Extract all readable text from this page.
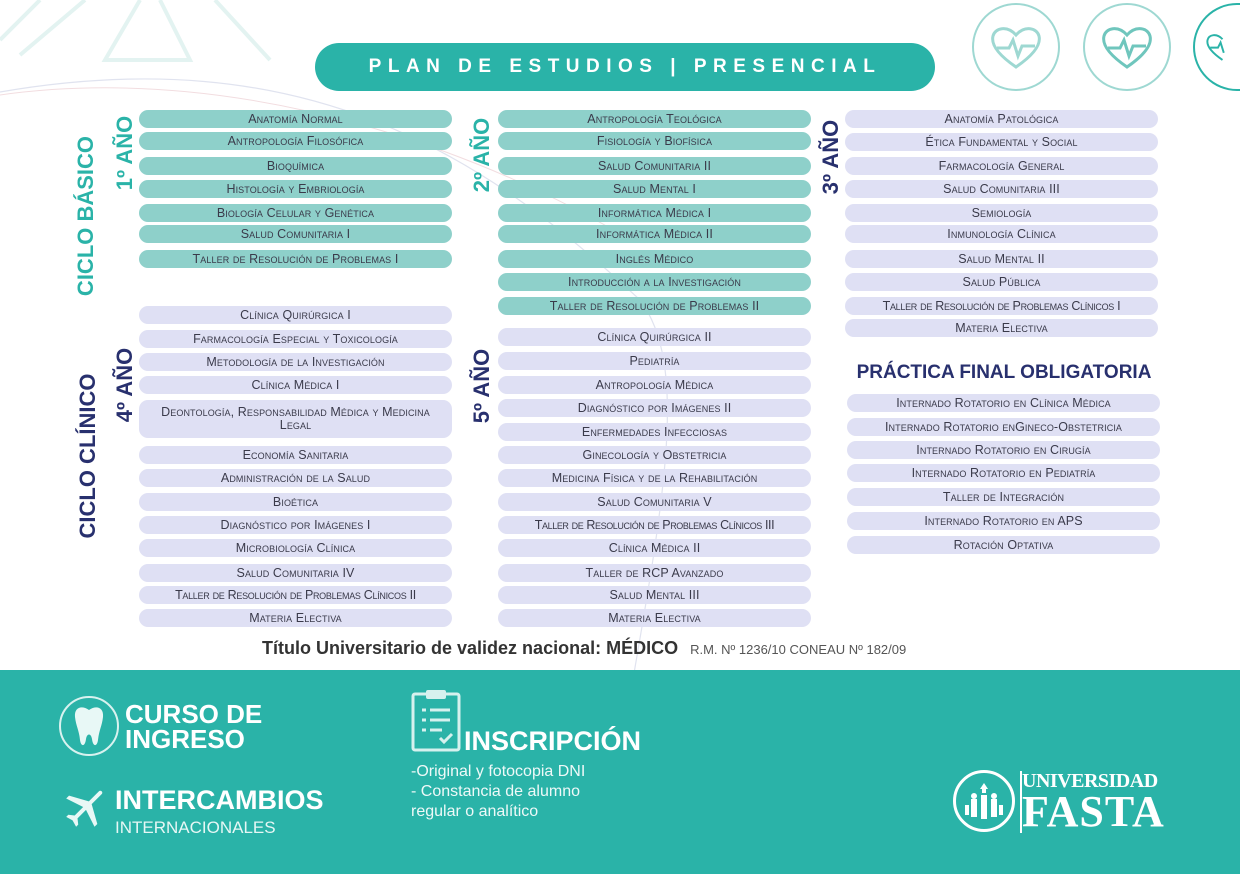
PLAN DE ESTUDIOS | PRESENCIAL
CICLO BÁSICO
CICLO CLÍNICO
1º AÑO	2º AÑO	3º AÑO
4º AÑO	5º AÑO
Anatomía Normal
Antropología Filosófica
Bioquímica
Histología y Embriología
Biología Celular y Genética
Salud Comunitaria I
Taller de Resolución de Problemas I
Antropología Teológica
Fisiología y Biofísica
Salud Comunitaria II
Salud Mental I
Informática Médica I
Informática Médica II
Inglés Médico
Introducción a la Investigación
Taller de Resolución de Problemas II
Anatomía Patológica
Ética Fundamental y Social
Farmacología General
Salud Comunitaria III
Semiología
Inmunología Clínica
Salud Mental II
Salud Pública
Taller de Resolución de Problemas Clínicos I
Materia Electiva
Clínica Quirúrgica I
Farmacología Especial y Toxicología
Metodología de la Investigación
Clínica Médica I
Deontología, Responsabilidad Médica y Medicina Legal
Economía Sanitaria
Administración de la Salud
Bioética
Diagnóstico por Imágenes I
Microbiología Clínica
Salud Comunitaria IV
Taller de Resolución de Problemas Clínicos II
Materia Electiva
Clínica Quirúrgica II
Pediatría
Antropología Médica
Diagnóstico por Imágenes II
Enfermedades Infecciosas
Ginecología y Obstetricia
Medicina Física y de la Rehabilitación
Salud Comunitaria V
Taller de Resolución de Problemas Clínicos III
Clínica Médica II
Taller de RCP Avanzado
Salud Mental III
Materia Electiva
PRÁCTICA FINAL OBLIGATORIA
Internado Rotatorio en Clínica Médica
Internado Rotatorio enGineco-Obstetricia
Internado Rotatorio en Cirugía
Internado Rotatorio en Pediatría
Taller de Integración
Internado Rotatorio en APS
Rotación Optativa
Título Universitario de validez nacional: MÉDICO R.M. Nº 1236/10 CONEAU Nº 182/09
CURSO DE
INGRESO
INTERCAMBIOS
INTERNACIONALES
INSCRIPCIÓN
-Original y fotocopia DNI
- Constancia de alumno
regular o analítico
UNIVERSIDAD
FASTA
